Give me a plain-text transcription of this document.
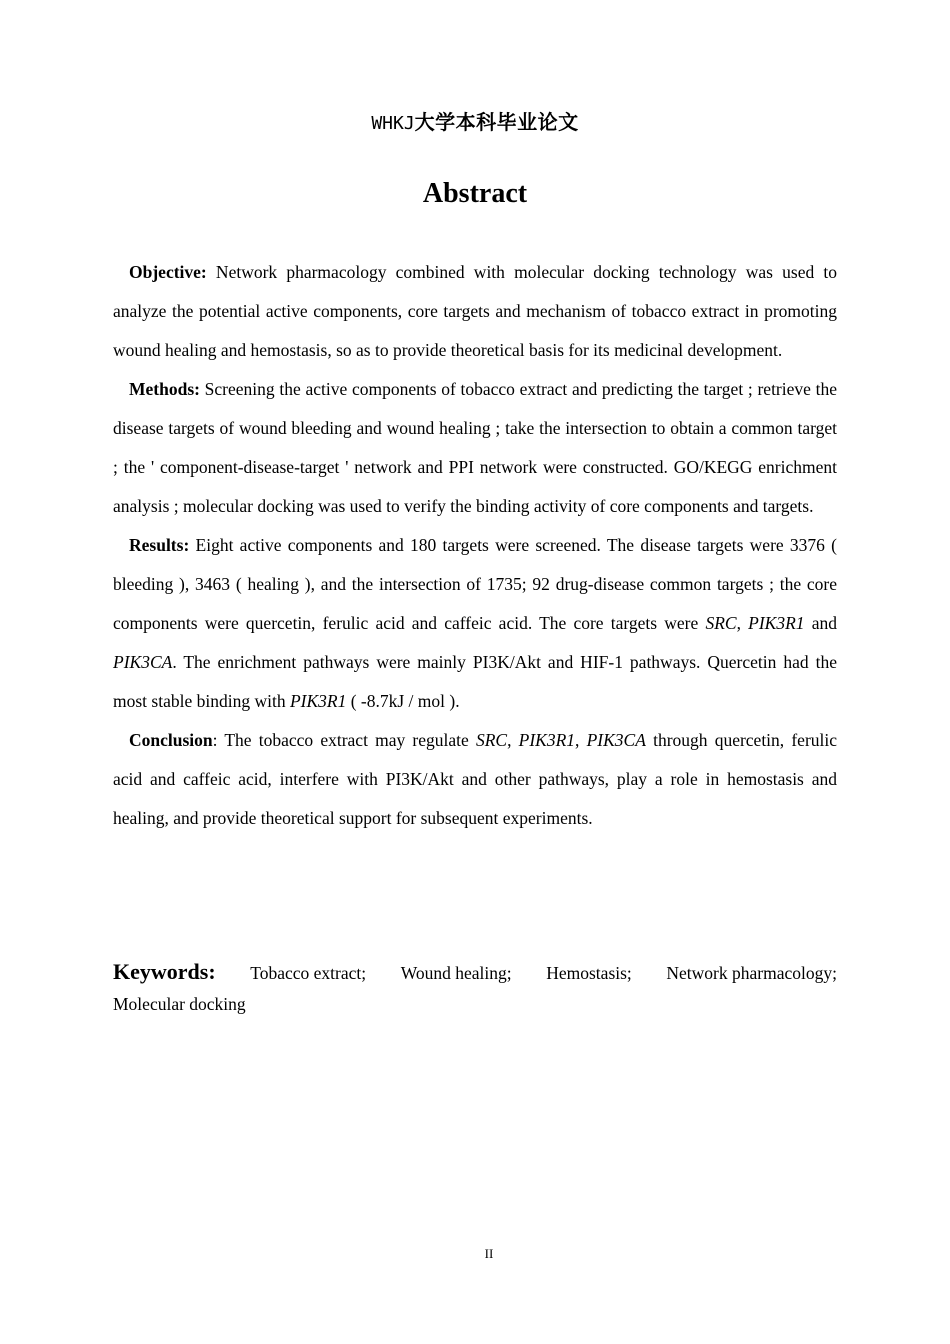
WHKJ大学本科毕业论文
Abstract

Objective: Network pharmacology combined with molecular docking technology was used to analyze the potential active components, core targets and mechanism of tobacco extract in promoting wound healing and hemostasis, so as to provide theoretical basis for its medicinal development.

Methods: Screening the active components of tobacco extract and predicting the target ; retrieve the disease targets of wound bleeding and wound healing ; take the intersection to obtain a common target ; the ' component-disease-target ' network and PPI network were constructed. GO/KEGG enrichment analysis ; molecular docking was used to verify the binding activity of core components and targets.

Results: Eight active components and 180 targets were screened. The disease targets were 3376 ( bleeding ), 3463 ( healing ), and the intersection of 1735; 92 drug-disease common targets ; the core components were quercetin, ferulic acid and caffeic acid. The core targets were SRC, PIK3R1 and PIK3CA. The enrichment pathways were mainly PI3K/Akt and HIF-1 pathways. Quercetin had the most stable binding with PIK3R1 ( -8.7kJ / mol ).

Conclusion: The tobacco extract may regulate SRC, PIK3R1, PIK3CA through quercetin, ferulic acid and caffeic acid, interfere with PI3K/Akt and other pathways, play a role in hemostasis and healing, and provide theoretical support for subsequent experiments.

Keywords: Tobacco extract; Wound healing; Hemostasis; Network pharmacology;
Molecular docking
II
